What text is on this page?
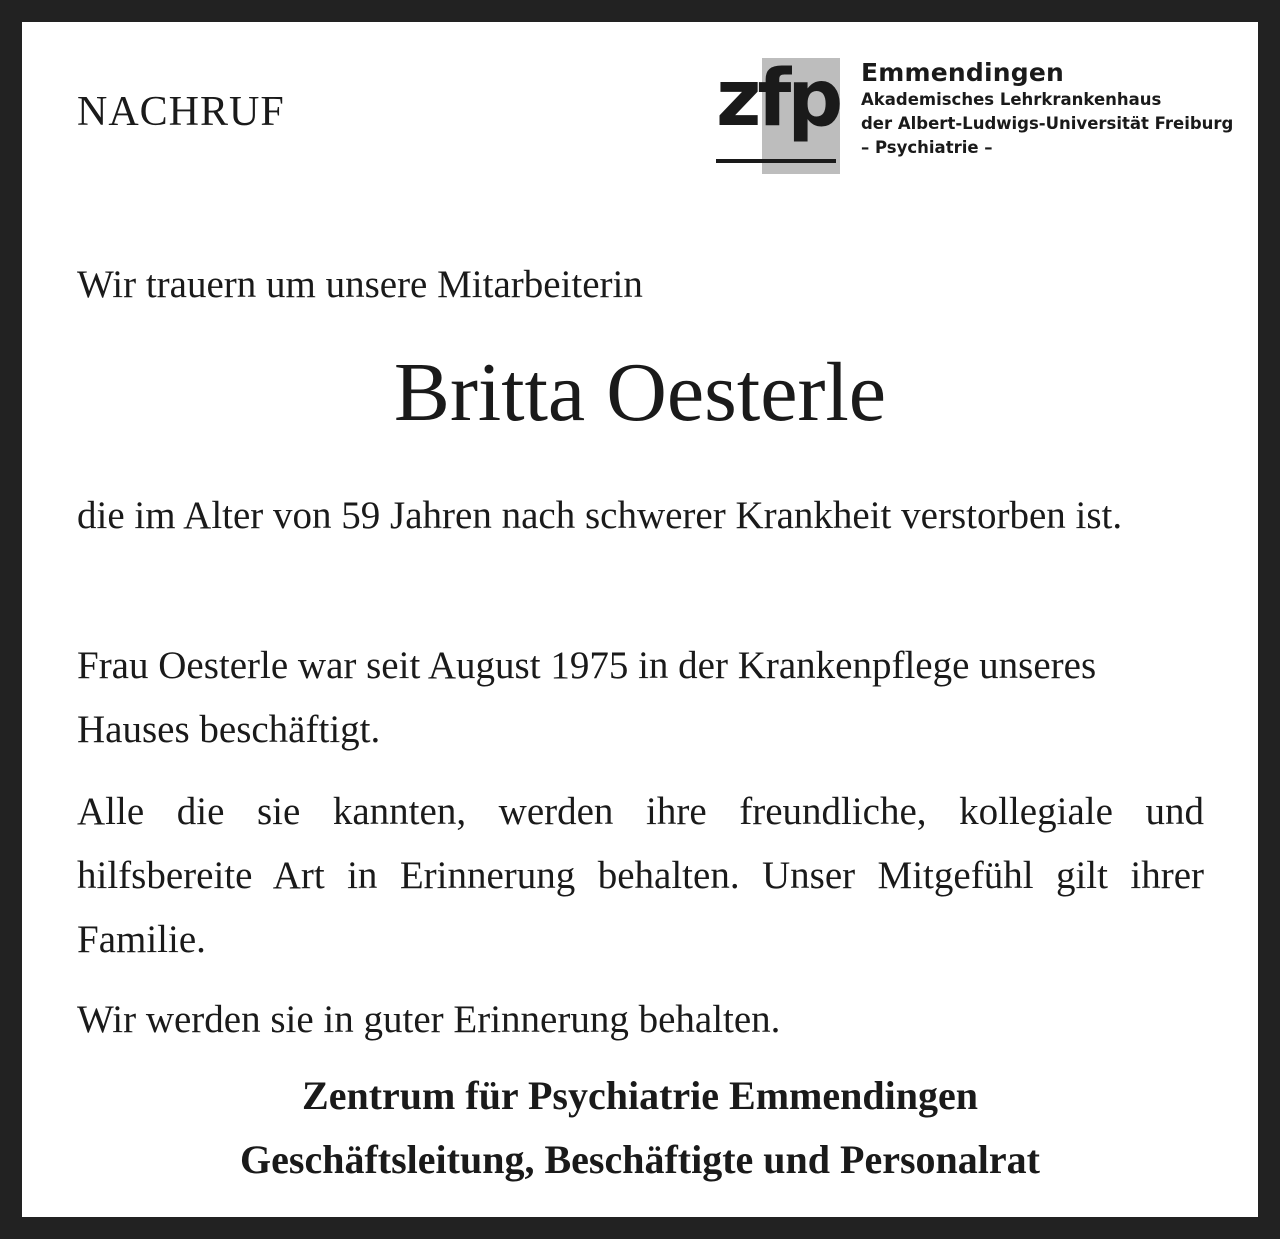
NACHRUF	zfp Emmendingen
Akademisches Lehrkrankenhaus
der Albert-Ludwigs-Universität Freiburg
– Psychiatrie –
Wir trauern um unsere Mitarbeiterin
Britta Oesterle
die im Alter von 59 Jahren nach schwerer Krankheit verstorben ist.
Frau Oesterle war seit August 1975 in der Krankenpflege unseres Hauses beschäftigt.
Alle die sie kannten, werden ihre freundliche, kollegiale und hilfsbereite Art in Erinnerung behalten. Unser Mitgefühl gilt ihrer Familie.
Wir werden sie in guter Erinnerung behalten.
Zentrum für Psychiatrie Emmendingen
Geschäftsleitung, Beschäftigte und Personalrat
